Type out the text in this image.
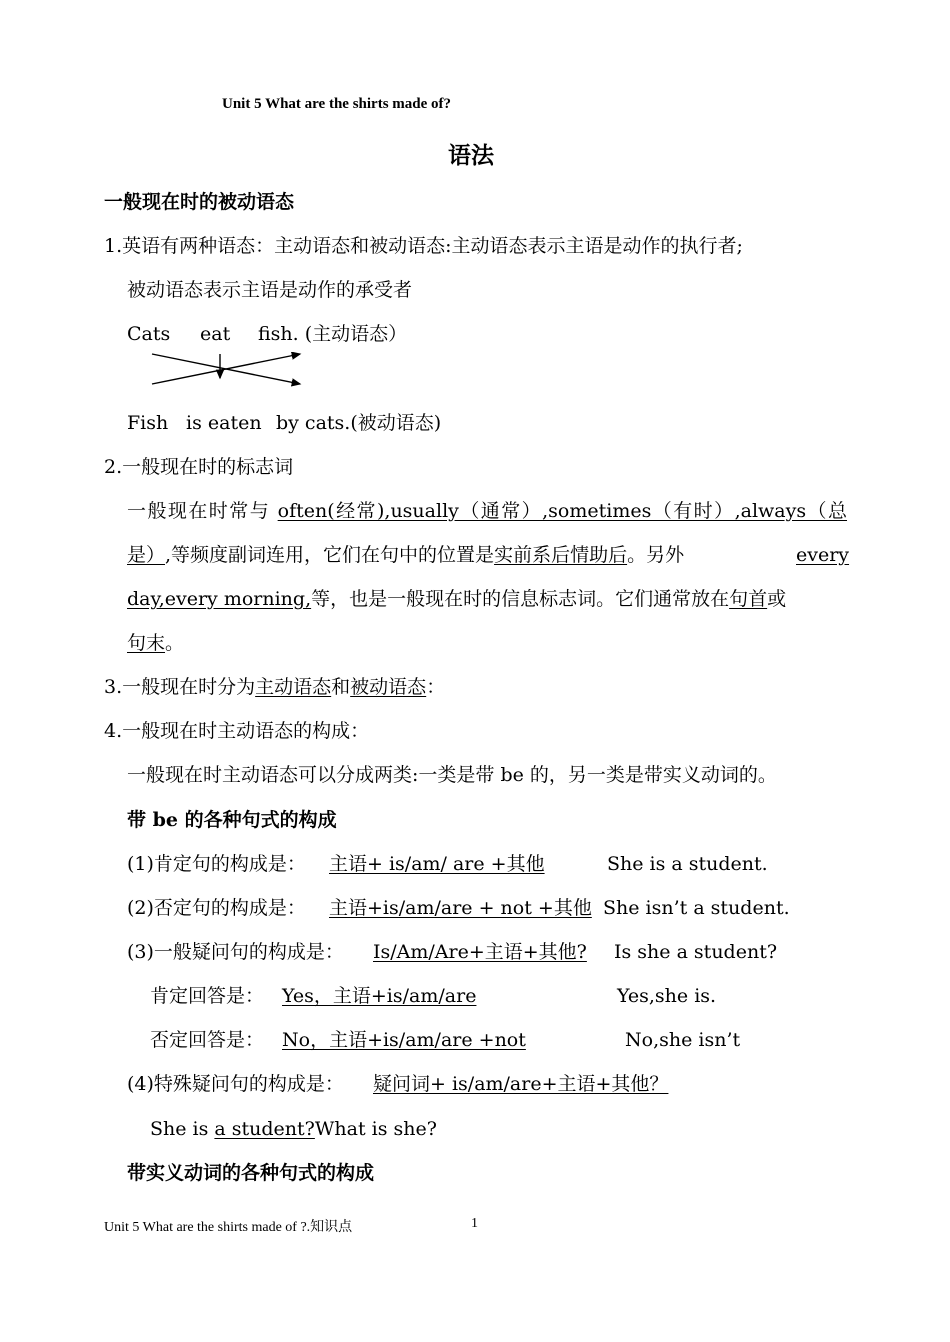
Unit 5 What are the shirts made of?
语法
一般现在时的被动语态
1.英语有两种语态：主动语态和被动语态:主动语态表示主语是动作的执行者;
被动语态表示主语是动作的承受者
Cats eat fish. (主动语态）
Fish is eaten by cats.(被动语态)
2.一般现在时的标志词
一般现在时常与 often(经常),usually（通常）,sometimes（有时）,always（总
是）,等频度副词连用，它们在句中的位置是实前系后情助后。另外	every
day,every morning,等，也是一般现在时的信息标志词。它们通常放在句首或
句末。
3.一般现在时分为主动语态和被动语态：
4.一般现在时主动语态的构成：
一般现在时主动语态可以分成两类:一类是带 be 的，另一类是带实义动词的。
带 be 的各种句式的构成
(1)肯定句的构成是： 主语+ is/am/ are +其他	She is a student.
(2)否定句的构成是： 主语+is/am/are + not +其他 She isn’t a student.
(3)一般疑问句的构成是： Is/Am/Are+主语+其他? Is she a student?
肯定回答是： Yes，主语+is/am/are	Yes,she is.
否定回答是： No，主语+is/am/are +not	No,she isn’t
(4)特殊疑问句的构成是： 疑问词+ is/am/are+主语+其他？
She is a student?What is she?
带实义动词的各种句式的构成
Unit 5 What are the shirts made of ?.知识点	1
